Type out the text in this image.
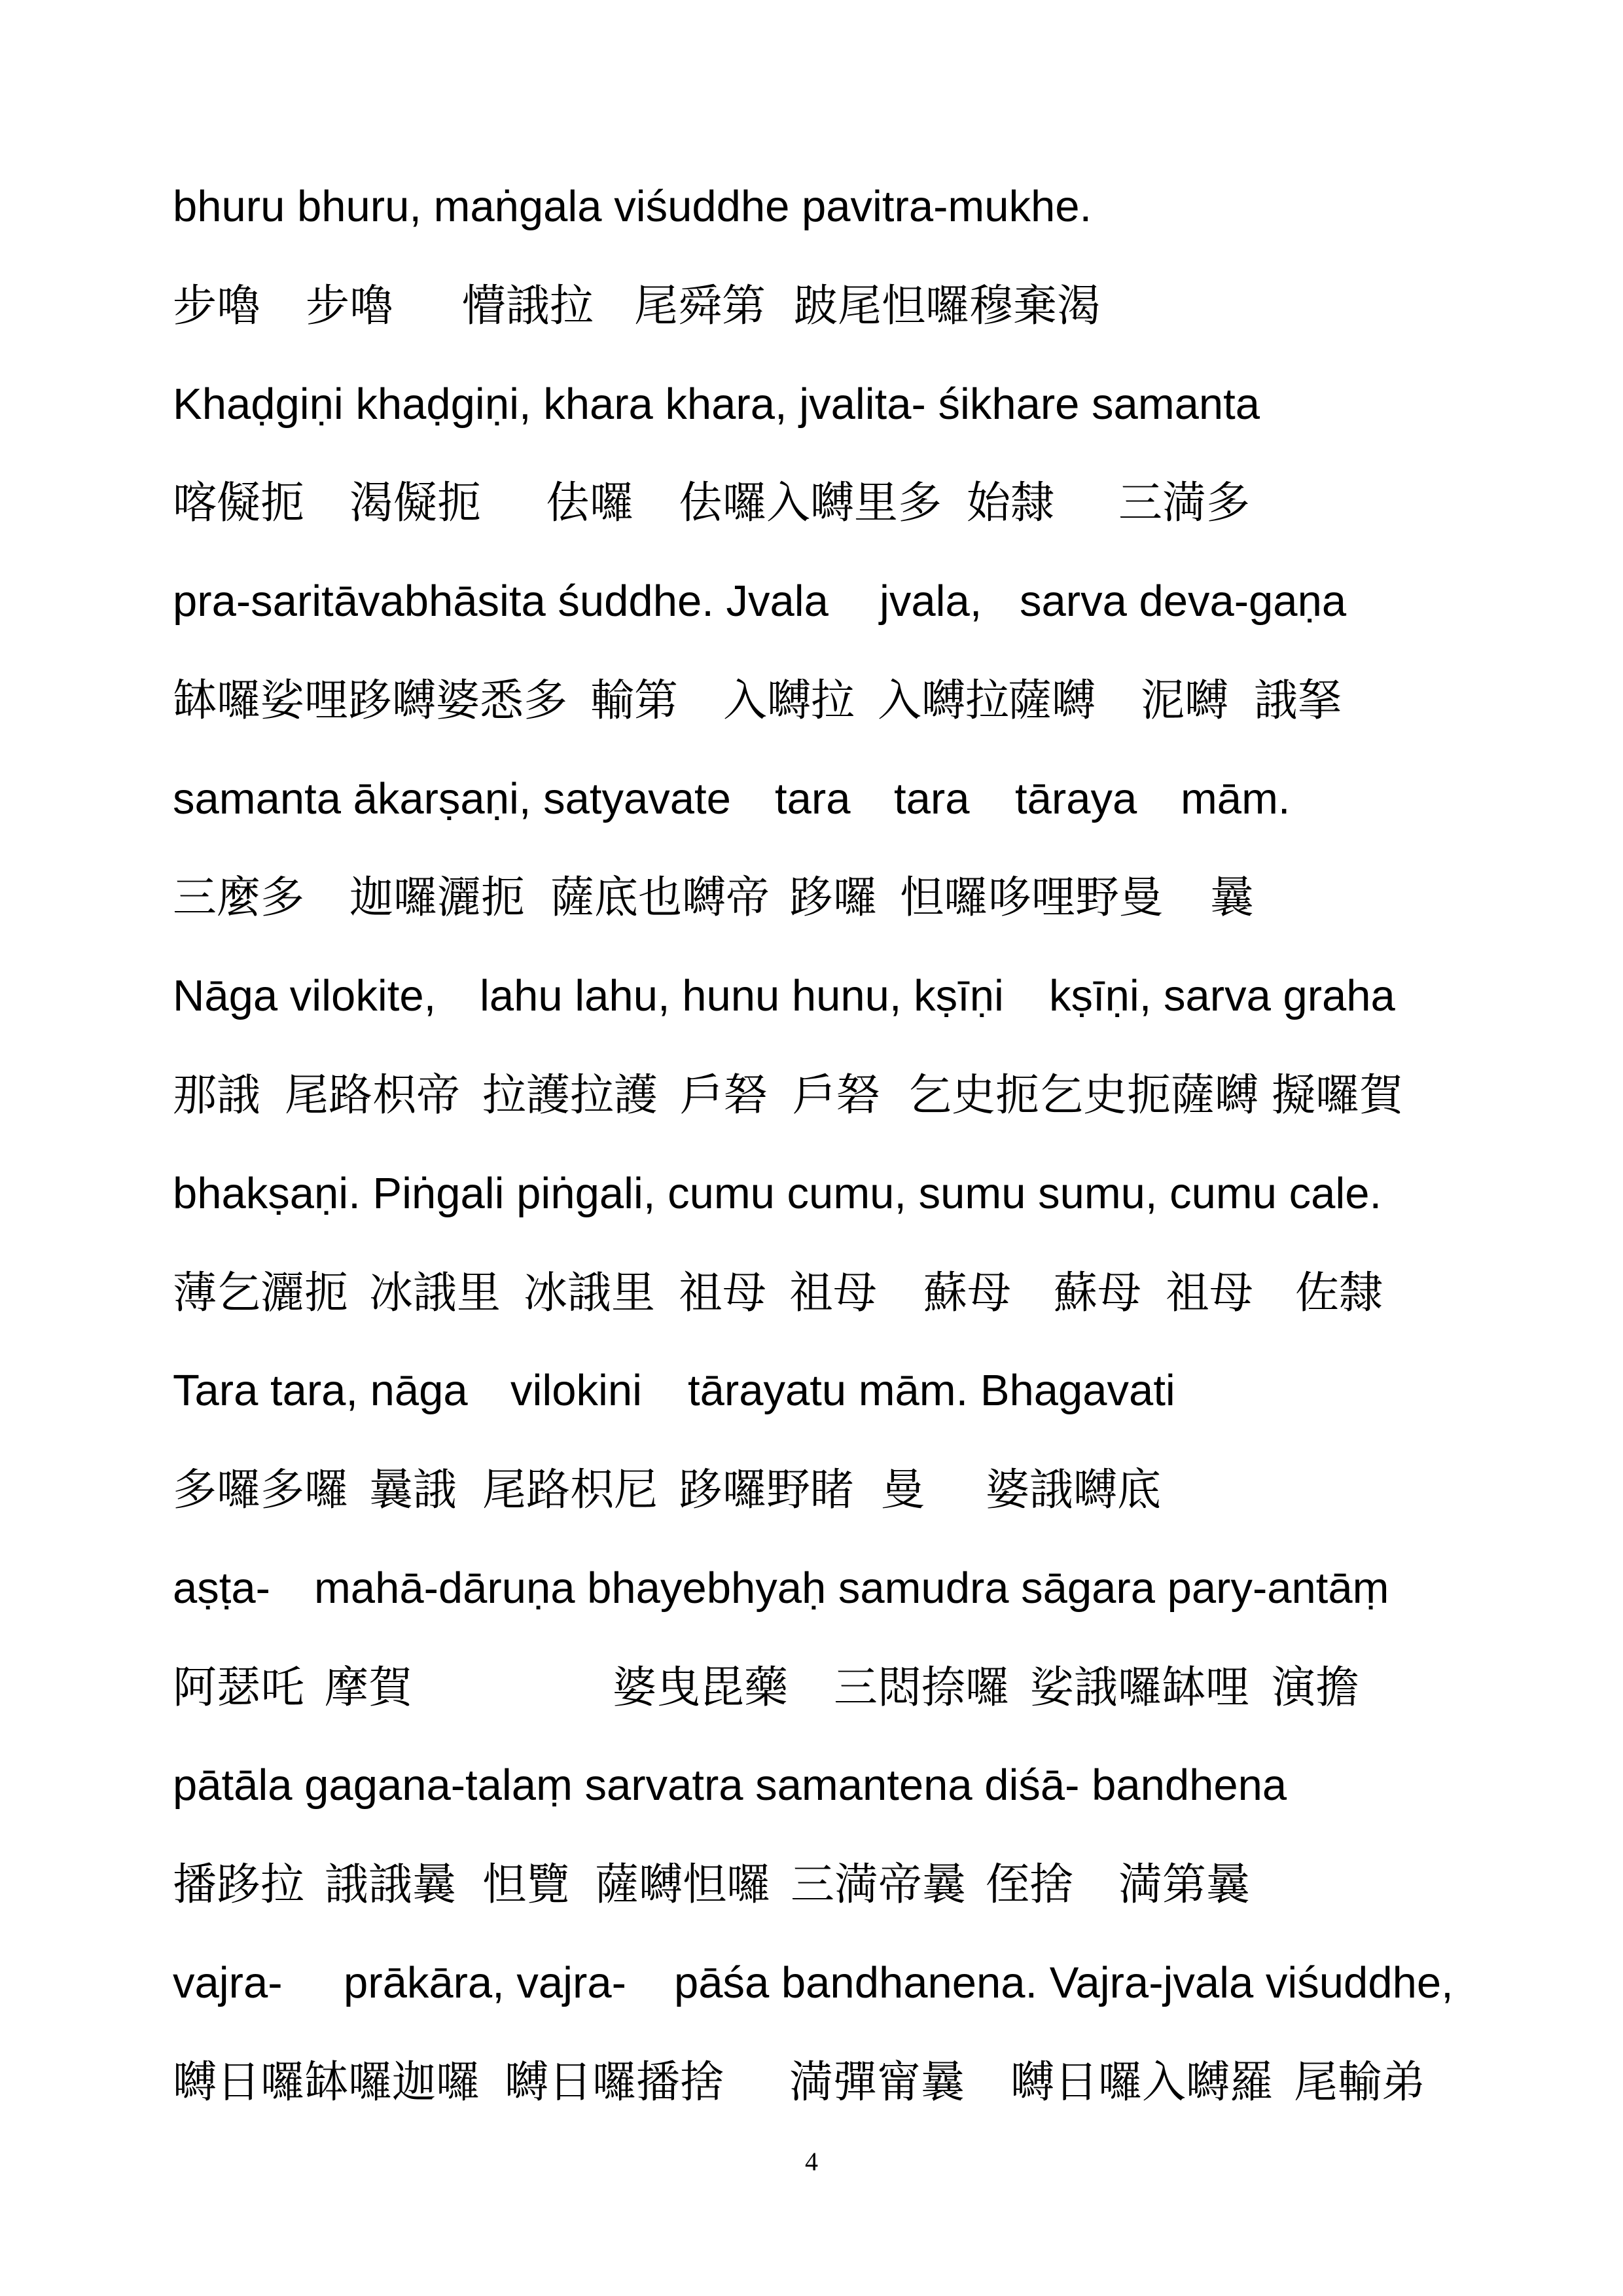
bhuru bhuru, maṅgala viśuddhe pavitra-mukhe.
步嚕 步嚕 懵誐拉 尾舜第 跛尾怛囉穆棄渴
Khaḍgiṇi khaḍgiṇi, khara khara, jvalita- śikhare samanta
喀儗扼 渴儗扼 佉囉 佉囉入嚩里多 始隸 三満多
pra-saritāvabhāsita śuddhe. Jvala jvala, sarva deva-gaṇa
缽囉娑哩跢嚩婆悉多 輸第 入嚩拉 入嚩拉
薩嚩 泥嚩 誐拏
samanta ākarṣaṇi, satyavate tara tara tāraya mām.
三麼多 迦囉灑扼 薩底也嚩帝 跢囉 怛囉哆哩野曼 曩
Nāga vilokite, lahu lahu, hunu hunu, kṣīṇi kṣīṇi, sarva graha
那誐 尾路枳帝 拉護拉護 戶砮 戶砮 乞史扼乞史扼薩嚩 擬囉賀
bhakṣaṇi. Piṅgali piṅgali, cumu cumu, sumu sumu, cumu cale.
薄乞灑扼 冰誐里 冰誐里 祖母 祖母 蘇母 蘇母 祖母 佐隸
Tara tara, nāga vilokini tārayatu mām. Bhagavati
多囉多囉 曩誐 尾路枳尼 跢囉野睹 曼 婆誐嚩底
aṣṭa- mahā-dāruṇa bhayebhyaḥ samudra sāgara pary-antāṃ
阿瑟吒 摩賀	婆曳毘藥 三悶捺囉 娑誐囉缽哩 演擔
pātāla gagana-talaṃ sarvatra samantena diśā- bandhena
播跢拉 誐誐曩 怛覽 薩嚩怛囉 三満帝曩 侄捨 満第曩
vajra- prākāra, vajra- pāśa bandhanena. Vajra-jvala viśuddhe,
嚩日囉缽囉迦囉 嚩日囉播捨 満彈甯曩 嚩日囉入嚩羅 尾輸弟
4
